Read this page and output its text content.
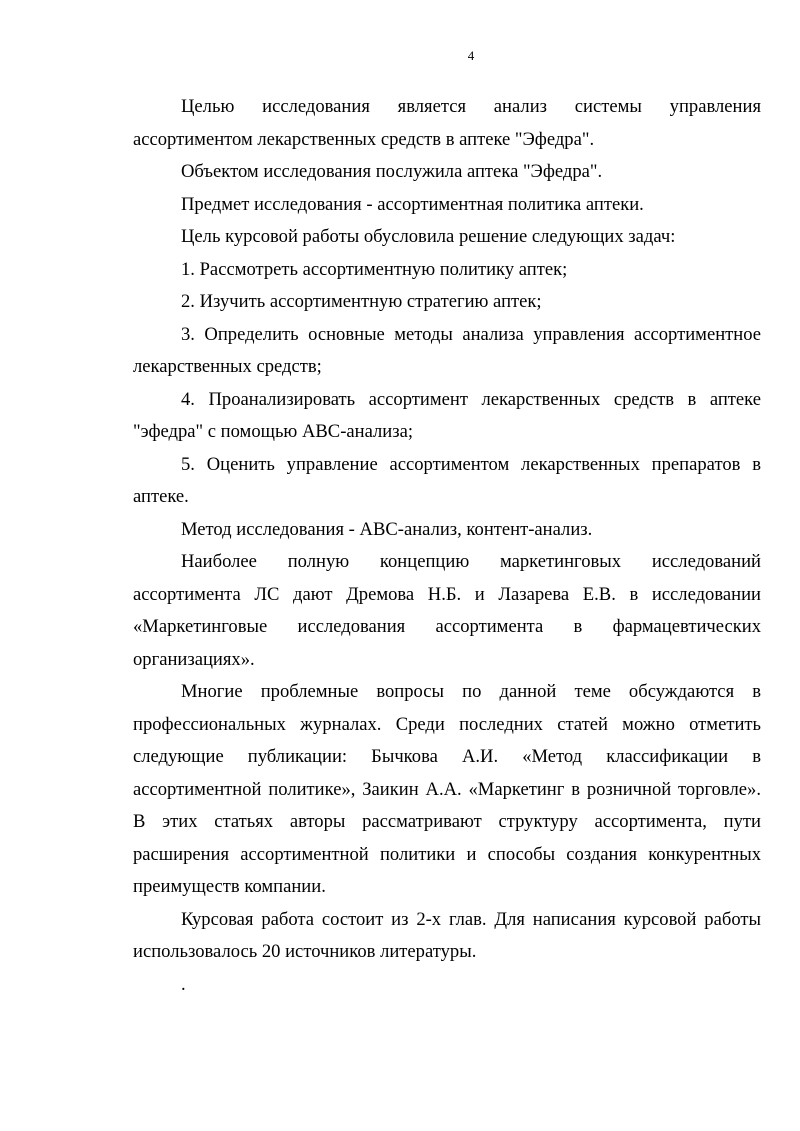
4

Целью исследования является анализ системы управления ассортиментом лекарственных средств в аптеке "Эфедра".

Объектом исследования послужила аптека "Эфедра".

Предмет исследования - ассортиментная политика аптеки.

Цель курсовой работы обусловила решение следующих задач:

1. Рассмотреть ассортиментную политику аптек;

2. Изучить ассортиментную стратегию аптек;

3. Определить основные методы анализа управления ассортиментное лекарственных средств;

4. Проанализировать ассортимент лекарственных средств в аптеке "эфедра" с помощью ABC-анализа;

5. Оценить управление ассортиментом лекарственных препаратов в аптеке.

Метод исследования - ABC-анализ, контент-анализ.

Наиболее полную концепцию маркетинговых исследований ассортимента ЛС дают Дремова Н.Б. и Лазарева Е.В. в исследовании «Маркетинговые исследования ассортимента в фармацевтических организациях».

Многие проблемные вопросы по данной теме обсуждаются в профессиональных журналах. Среди последних статей можно отметить следующие публикации: Бычкова А.И. «Метод классификации в ассортиментной политике», Заикин А.А. «Маркетинг в розничной торговле». В этих статьях авторы рассматривают структуру ассортимента, пути расширения ассортиментной политики и способы создания конкурентных преимуществ компании.

Курсовая работа состоит из 2-х глав. Для написания курсовой работы использовалось 20 источников литературы.

.
